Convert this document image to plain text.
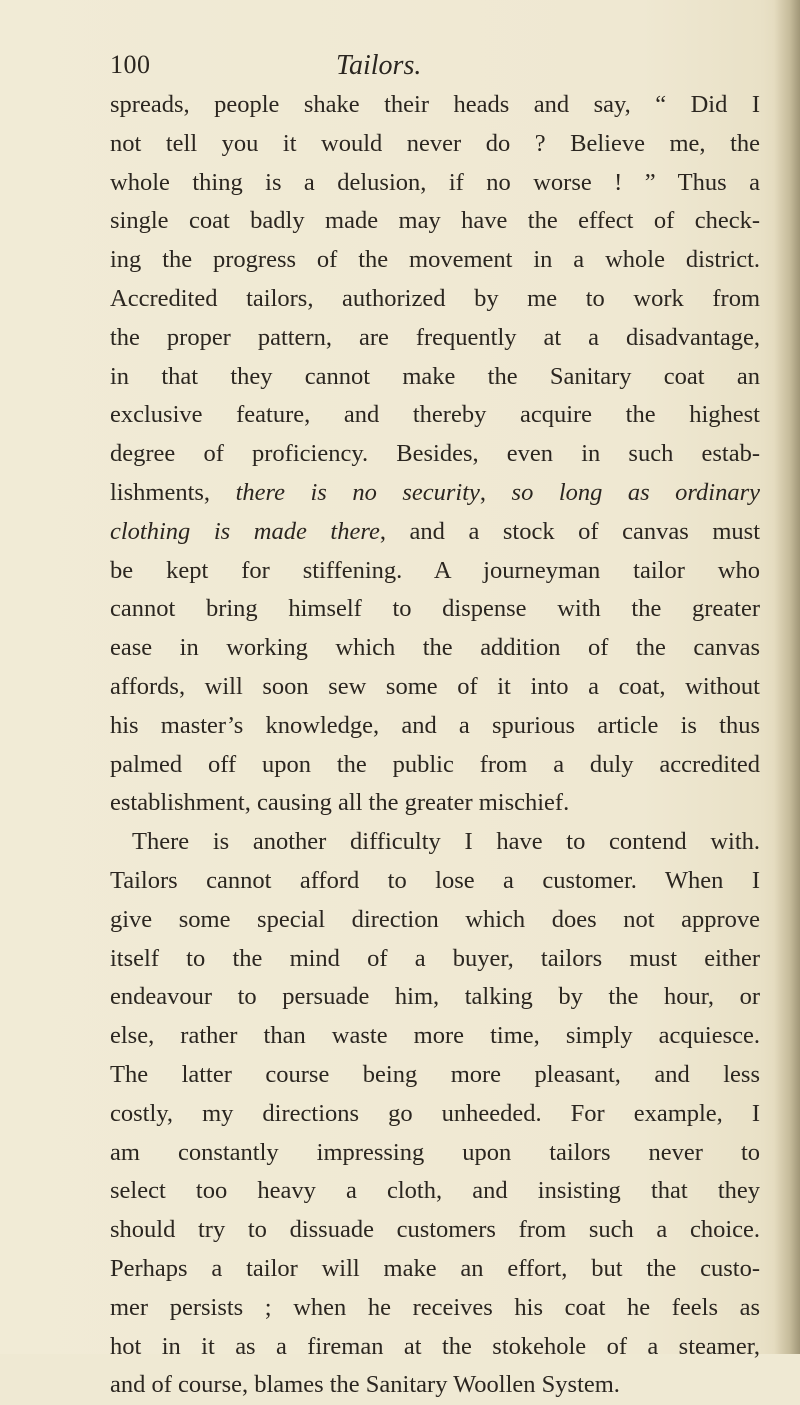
100	Tailors.
spreads, people shake their heads and say, “ Did I
not tell you it would never do ? Believe me, the
whole thing is a delusion, if no worse ! ” Thus a
single coat badly made may have the effect of check-
ing the progress of the movement in a whole district.
Accredited tailors, authorized by me to work from
the proper pattern, are frequently at a disadvantage,
in that they cannot make the Sanitary coat an
exclusive feature, and thereby acquire the highest
degree of proficiency. Besides, even in such estab-
lishments, there is no security, so long as ordinary
clothing is made there, and a stock of canvas must
be kept for stiffening. A journeyman tailor who
cannot bring himself to dispense with the greater
ease in working which the addition of the canvas
affords, will soon sew some of it into a coat, without
his master’s knowledge, and a spurious article is thus
palmed off upon the public from a duly accredited
establishment, causing all the greater mischief.
There is another difficulty I have to contend with.
Tailors cannot afford to lose a customer. When I
give some special direction which does not approve
itself to the mind of a buyer, tailors must either
endeavour to persuade him, talking by the hour, or
else, rather than waste more time, simply acquiesce.
The latter course being more pleasant, and less
costly, my directions go unheeded. For example, I
am constantly impressing upon tailors never to
select too heavy a cloth, and insisting that they
should try to dissuade customers from such a choice.
Perhaps a tailor will make an effort, but the custo-
mer persists ; when he receives his coat he feels as
hot in it as a fireman at the stokehole of a steamer,
and of course, blames the Sanitary Woollen System.
